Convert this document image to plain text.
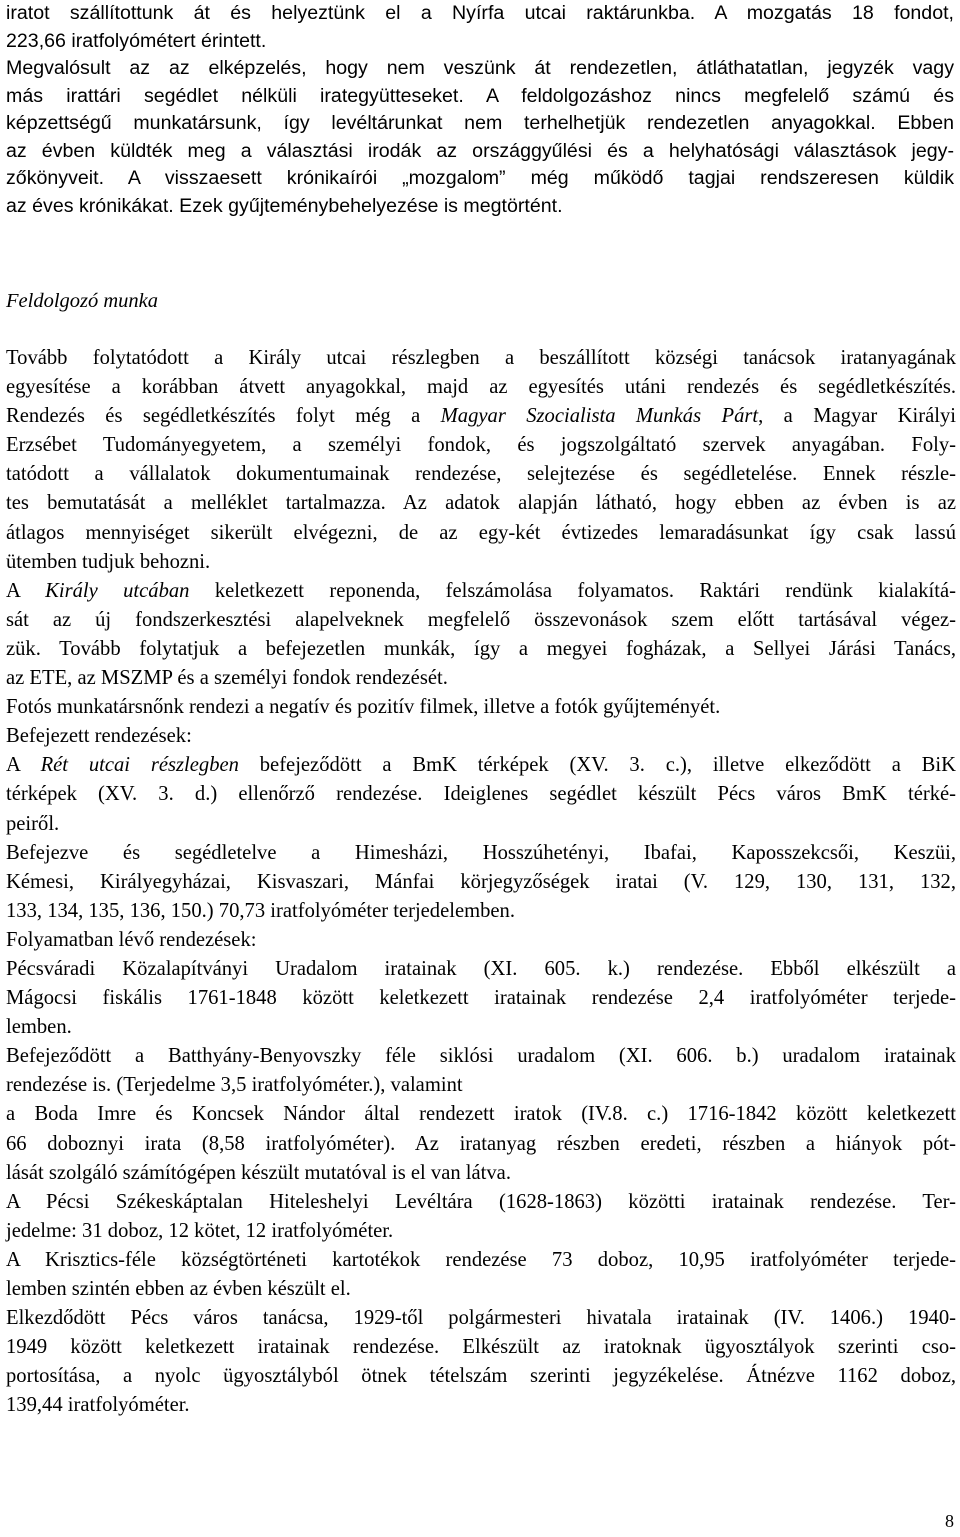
iratot szállítottunk át és helyeztünk el a Nyírfa utcai raktárunkba. A mozgatás 18 fondot,
223,66 iratfolyómétert érintett.
Megvalósult az az elképzelés, hogy nem veszünk át rendezetlen, átláthatatlan, jegyzék vagy
más irattári segédlet nélküli irategyütteseket. A feldolgozáshoz nincs megfelelő számú és
képzettségű munkatársunk, így levéltárunkat nem terhelhetjük rendezetlen anyagokkal. Ebben
az évben küldték meg a választási irodák az országgyűlési és a helyhatósági választások jegy-
zőkönyveit. A visszaesett krónikaírói „mozgalom” még működő tagjai rendszeresen küldik
az éves krónikákat. Ezek gyűjteménybehelyezése is megtörtént.
Feldolgozó munka
Tovább folytatódott a Király utcai részlegben a beszállított községi tanácsok iratanyagának
egyesítése a korábban átvett anyagokkal, majd az egyesítés utáni rendezés és segédletkészítés.
Rendezés és segédletkészítés folyt még a Magyar Szocialista Munkás Párt, a Magyar Királyi
Erzsébet Tudományegyetem, a személyi fondok, és jogszolgáltató szervek anyagában. Foly-
tatódott a vállalatok dokumentumainak rendezése, selejtezése és segédletelése. Ennek részle-
tes bemutatását a melléklet tartalmazza. Az adatok alapján látható, hogy ebben az évben is az
átlagos mennyiséget sikerült elvégezni, de az egy-két évtizedes lemaradásunkat így csak lassú
ütemben tudjuk behozni.
A Király utcában keletkezett reponenda, felszámolása folyamatos. Raktári rendünk kialakítá-
sát az új fondszerkesztési alapelveknek megfelelő összevonások szem előtt tartásával végez-
zük. Tovább folytatjuk a befejezetlen munkák, így a megyei fogházak, a Sellyei Járási Tanács,
az ETE, az MSZMP és a személyi fondok rendezését.
Fotós munkatársnőnk rendezi a negatív és pozitív filmek, illetve a fotók gyűjteményét.
Befejezett rendezések:
A Rét utcai részlegben befejeződött a BmK térképek (XV. 3. c.), illetve elkeződött a BiK
térképek (XV. 3. d.) ellenőrző rendezése. Ideiglenes segédlet készült Pécs város BmK térké-
peiről.
Befejezve és segédletelve a Himesházi, Hosszúhetényi, Ibafai, Kaposszekcsői, Keszüi,
Kémesi, Királyegyházai, Kisvaszari, Mánfai körjegyzőségek iratai (V. 129, 130, 131, 132,
133, 134, 135, 136, 150.) 70,73 iratfolyóméter terjedelemben.
Folyamatban lévő rendezések:
Pécsváradi Közalapítványi Uradalom iratainak (XI. 605. k.) rendezése. Ebből elkészült a
Mágocsi fiskális 1761-1848 között keletkezett iratainak rendezése 2,4 iratfolyóméter terjede-
lemben.
Befejeződött a Batthyány-Benyovszky féle siklósi uradalom (XI. 606. b.) uradalom iratainak
rendezése is. (Terjedelme 3,5 iratfolyóméter.), valamint
a Boda Imre és Koncsek Nándor által rendezett iratok (IV.8. c.) 1716-1842 között keletkezett
66 doboznyi irata (8,58 iratfolyóméter). Az iratanyag részben eredeti, részben a hiányok pót-
lását szolgáló számítógépen készült mutatóval is el van látva.
A Pécsi Székeskáptalan Hiteleshelyi Levéltára (1628-1863) közötti iratainak rendezése. Ter-
jedelme: 31 doboz, 12 kötet, 12 iratfolyóméter.
A Krisztics-féle községtörténeti kartotékok rendezése 73 doboz, 10,95 iratfolyóméter terjede-
lemben szintén ebben az évben készült el.
Elkezdődött Pécs város tanácsa, 1929-től polgármesteri hivatala iratainak (IV. 1406.) 1940-
1949 között keletkezett iratainak rendezése. Elkészült az iratoknak ügyosztályok szerinti cso-
portosítása, a nyolc ügyosztályból ötnek tételszám szerinti jegyzékelése. Átnézve 1162 doboz,
139,44 iratfolyóméter.
8
